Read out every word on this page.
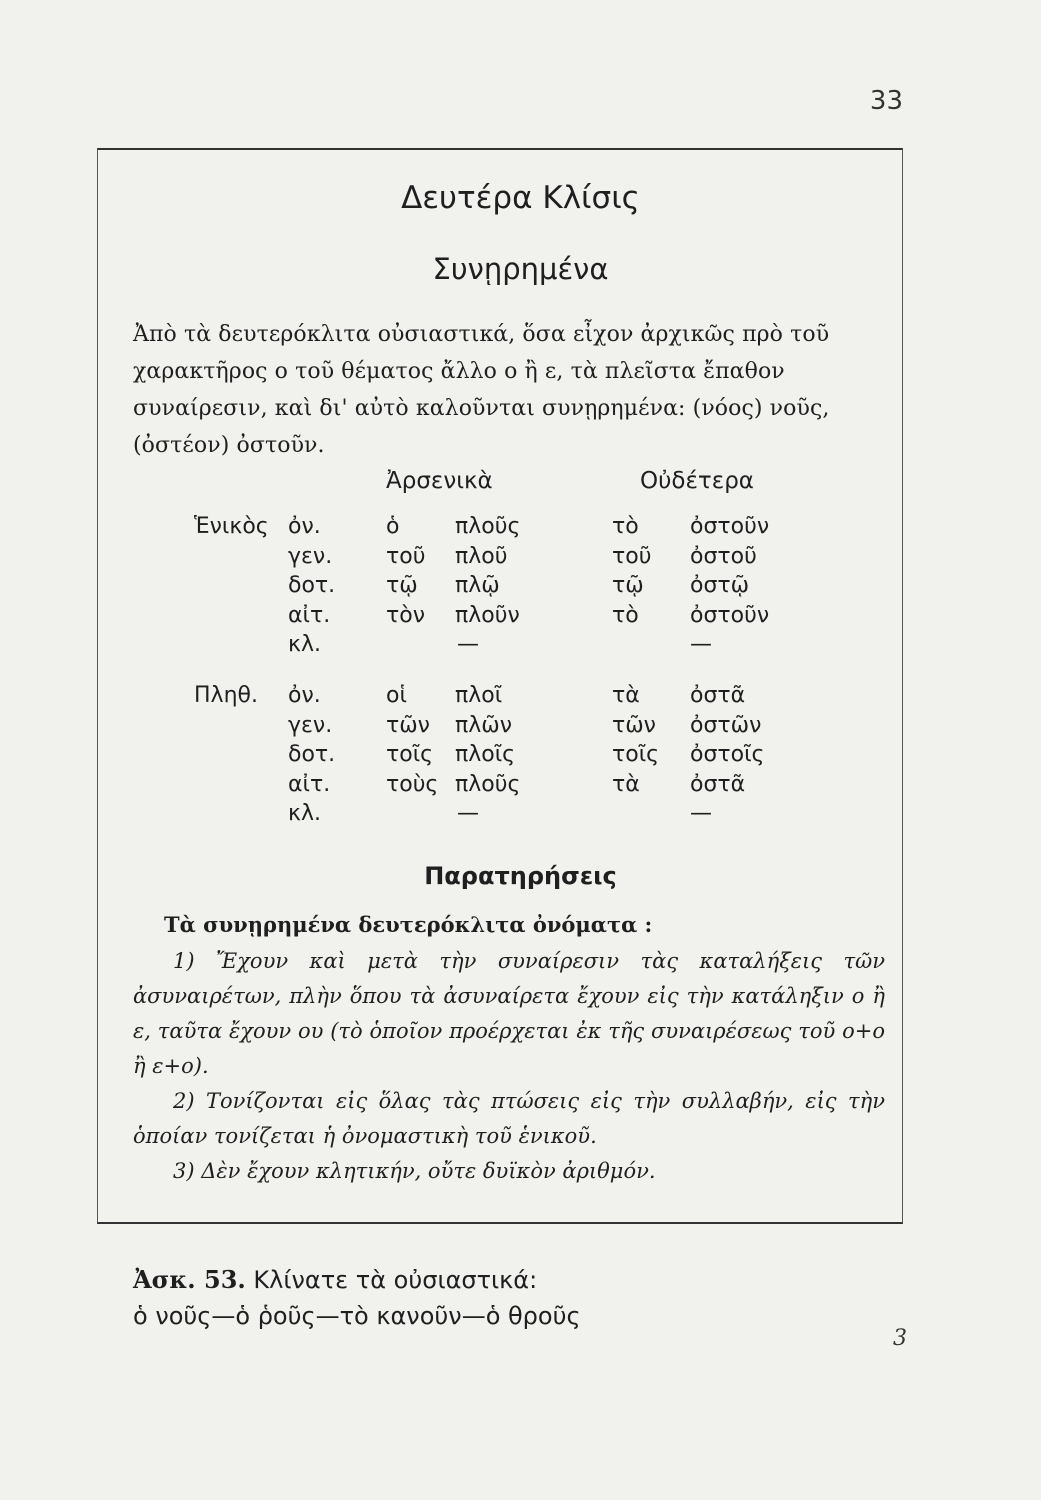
33
Δευτέρα Κλίσις
Συνῃρημένα
Ἀπὸ τὰ δευτερόκλιτα οὐσιαστικά, ὅσα εἶχον ἀρχικῶς πρὸ τοῦ χαρακτῆρος ο τοῦ θέματος ἄλλο ο ἢ ε, τὰ πλεῖστα ἔπαθον συναίρεσιν, καὶ δι' αὐτὸ καλοῦνται συνῃρημένα: (νόος) νοῦς, (ὀστέον) ὀστοῦν.
Ἀρσενικὰ	Οὐδέτερα
Ἑνικὸς ὀν.	ὁ	πλοῦς	τὸ ὀστοῦν
γεν. τοῦ πλοῦ	τοῦ ὀστοῦ
δοτ. τῷ πλῷ	τῷ ὀστῷ
αἰτ.	τὸν πλοῦν	τὸ ὀστοῦν
κλ.	—	—
Πληθ. ὀν.	οἱ πλοῖ	τὰ ὀστᾶ
γεν. τῶν πλῶν	τῶν ὀστῶν
δοτ. τοῖς πλοῖς	τοῖς ὀστοῖς
αἰτ.	τοὺς πλοῦς	τὰ ὀστᾶ
κλ.	—	—
Παρατηρήσεις
Τὰ συνῃρημένα δευτερόκλιτα ὀνόματα :

1) Ἔχουν καὶ μετὰ τὴν συναίρεσιν τὰς καταλήξεις τῶν ἀσυναιρέτων, πλὴν ὅπου τὰ ἀσυναίρετα ἔχουν εἰς τὴν κατάληξιν ο ἢ ε, ταῦτα ἔχουν ου (τὸ ὁποῖον προέρχεται ἐκ τῆς συναιρέσεως τοῦ ο+ο ἢ ε+ο).

2) Τονίζονται εἰς ὅλας τὰς πτώσεις εἰς τὴν συλλαβήν, εἰς τὴν ὁποίαν τονίζεται ἡ ὀνομαστικὴ τοῦ ἑνικοῦ.

3) Δὲν ἔχουν κλητικήν, οὔτε δυϊκὸν ἀριθμόν.

Ἀσκ. 53. Κλίνατε τὰ οὐσιαστικά:
ὁ νοῦς—ὁ ῥοῦς—τὸ κανοῦν—ὁ θροῦς
3
